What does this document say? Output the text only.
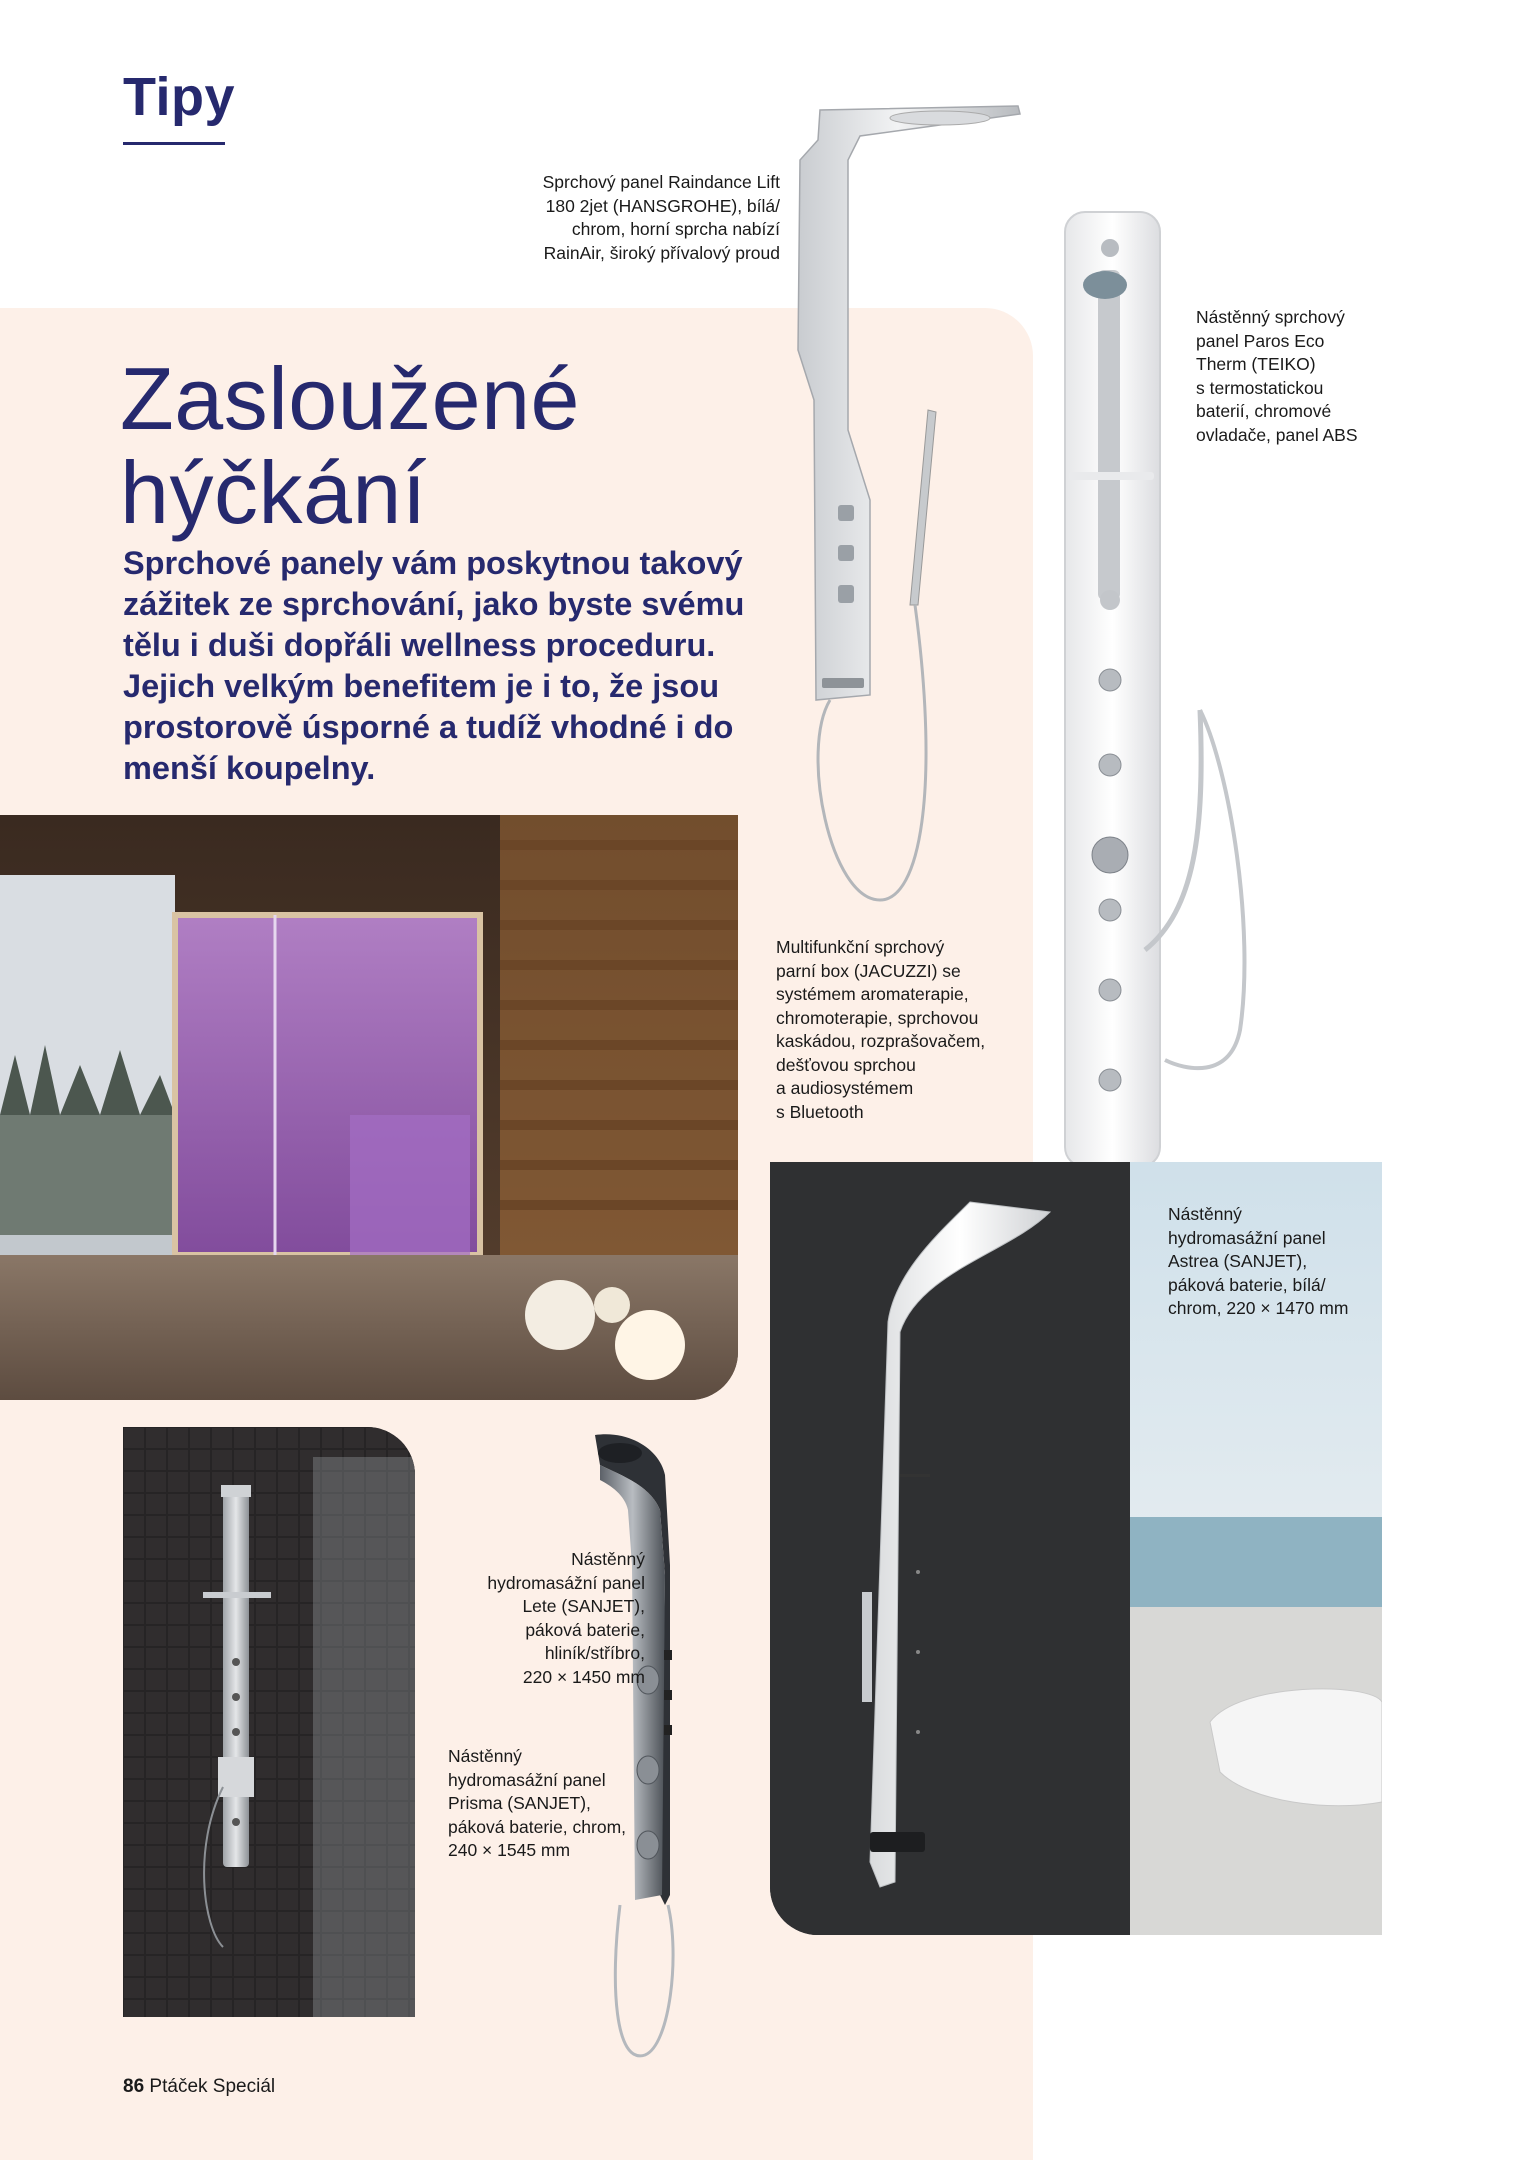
Tipy
Zasloužené
hýčkání
Sprchové panely vám poskytnou takový zážitek ze sprchování, jako byste svému tělu i duši dopřáli wellness proceduru. Jejich velkým benefitem je i to, že jsou prostorově úsporné a tudíž vhodné i do menší koupelny.
Sprchový panel Raindance Lift
180 2jet (HANSGROHE), bílá/
chrom, horní sprcha nabízí
RainAir, široký přívalový proud
Nástěnný sprchový
panel Paros Eco
Therm (TEIKO)
s termostatickou
baterií, chromové
ovladače, panel ABS
Multifunkční sprchový
parní box (JACUZZI) se
systémem aromaterapie,
chromoterapie, sprchovou
kaskádou, rozprašovačem,
dešťovou sprchou
a audiosystémem
s Bluetooth
Nástěnný
hydromasážní panel
Astrea (SANJET),
páková baterie, bílá/
chrom, 220 × 1470 mm
Nástěnný
hydromasážní panel
Lete (SANJET),
páková baterie,
hliník/stříbro,
220 × 1450 mm
Nástěnný
hydromasážní panel
Prisma (SANJET),
páková baterie, chrom,
240 × 1545 mm
86 Ptáček Speciál
